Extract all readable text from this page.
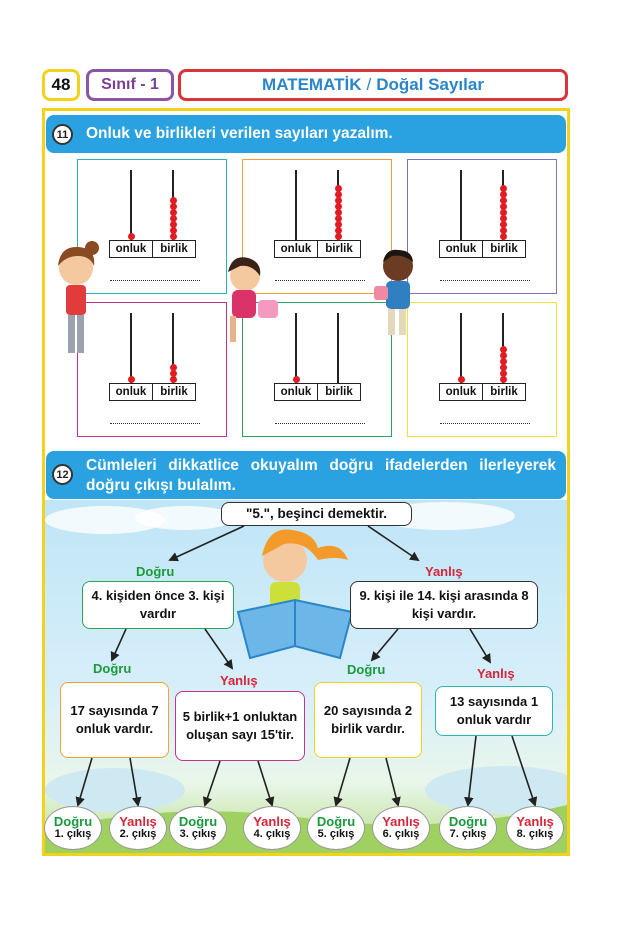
48 Sınıf - 1	MATEMATİK / Doğal Sayılar
11	Onluk ve birlikleri verilen sayıları yazalım.
onluk	birlik	onluk	birlik	onluk	birlik
onluk	birlik	onluk	birlik	onluk	birlik
12
Cümleleri dikkatlice okuyalım doğru ifadelerden ilerleyerek doğru çıkışı bulalım.
"5.", beşinci demektir.
Doğru	Yanlış
4. kişiden önce 3. kişi vardır
9. kişi ile 14. kişi arasında 8 kişi vardır.
Doğru
Yanlış
Doğru	Yanlış
17 sayısında 7 onluk vardır.
5 birlik+1 onluktan oluşan sayı 15'tir.
20 sayısında 2 birlik vardır.
13 sayısında 1 onluk vardır
Doğru
1. çıkış
Yanlış
2. çıkış
Doğru
3. çıkış
Yanlış
4. çıkış
Doğru
5. çıkış
Yanlış
6. çıkış
Doğru
7. çıkış
Yanlış
8. çıkış
